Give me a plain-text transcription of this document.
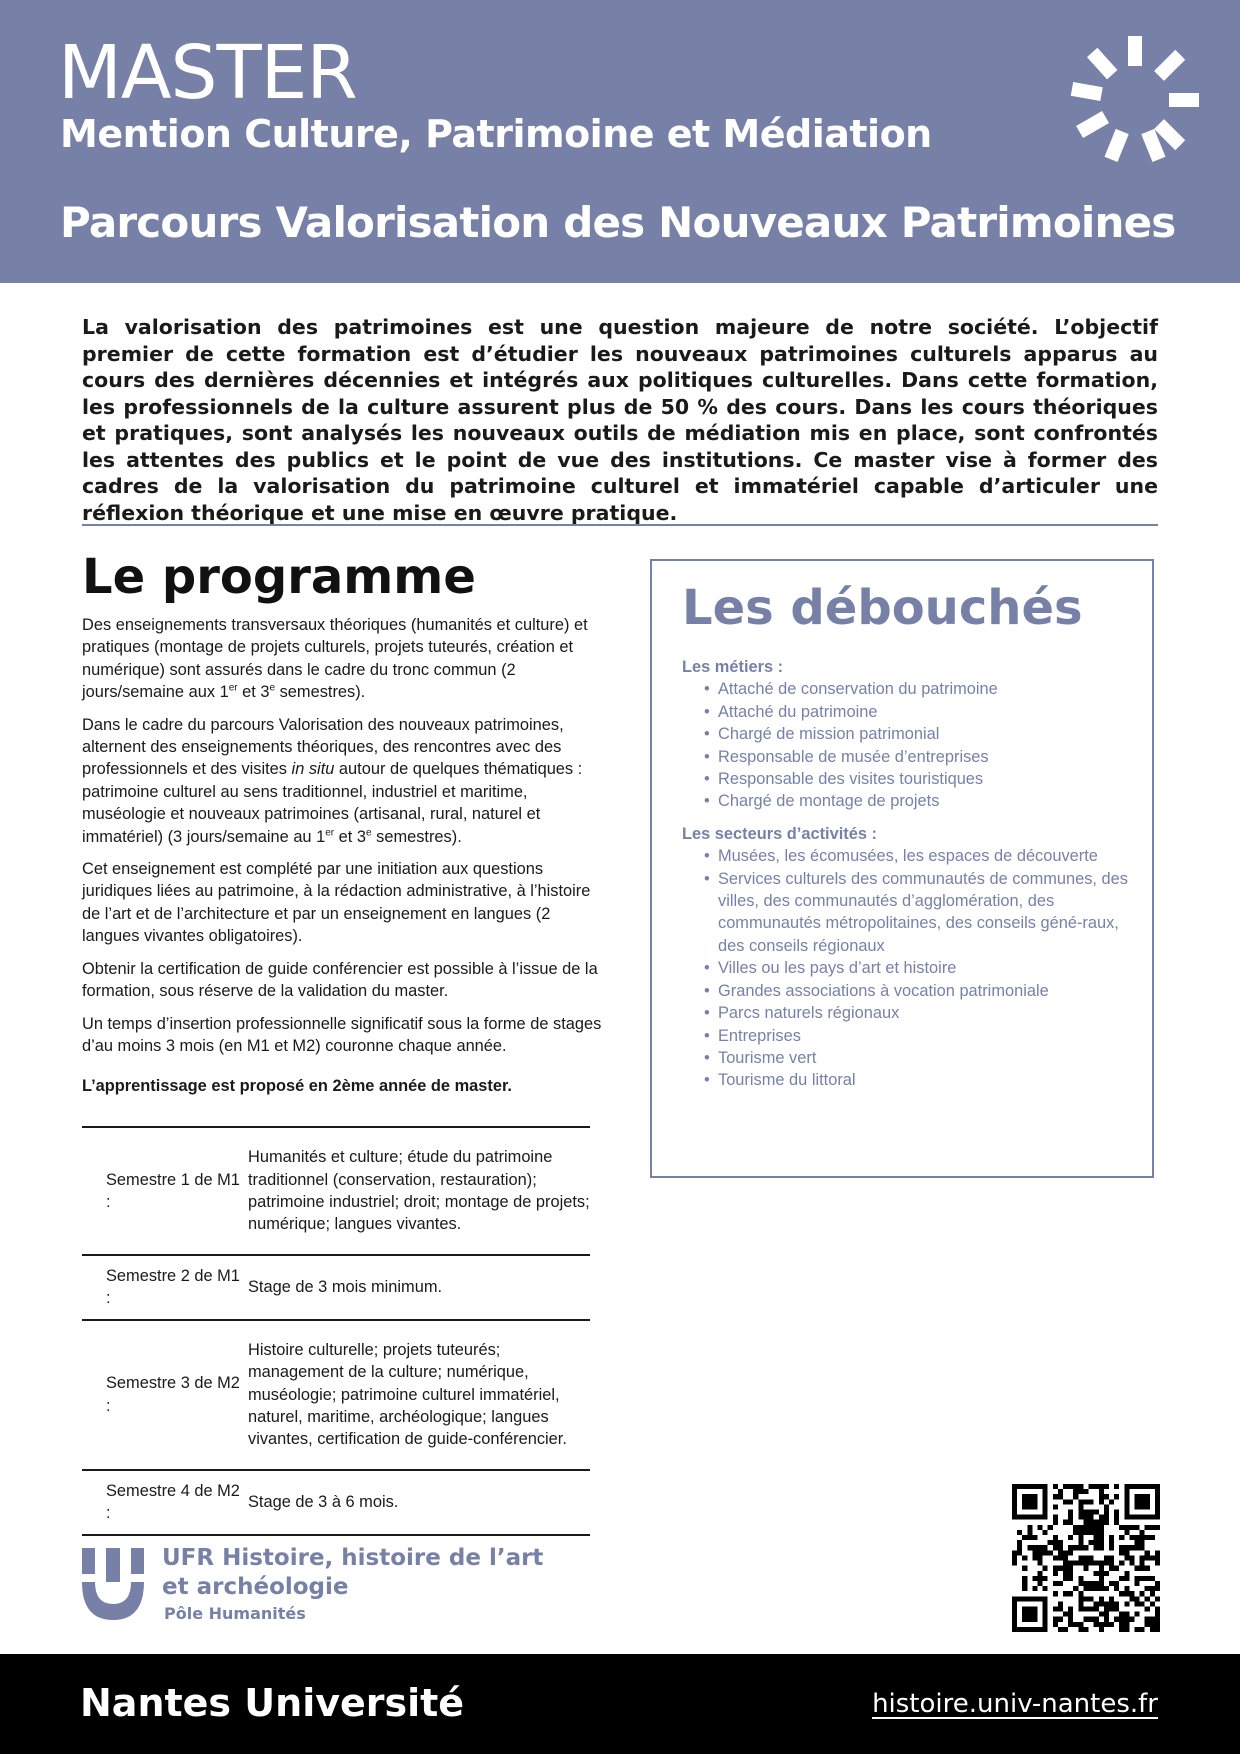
MASTER
Mention Culture, Patrimoine et Médiation
Parcours Valorisation des Nouveaux Patrimoines
La valorisation des patrimoines est une question majeure de notre société. L’objectif premier de cette formation est d’étudier les nouveaux patrimoines culturels apparus au cours des dernières décennies et intégrés aux politiques culturelles. Dans cette formation, les professionnels de la culture assurent plus de 50 % des cours. Dans les cours théoriques et pratiques, sont analysés les nouveaux outils de médiation mis en place, sont confrontés les attentes des publics et le point de vue des institutions. Ce master vise à former des cadres de la valorisation du patrimoine culturel et immatériel capable d’articuler une réflexion théorique et une mise en œuvre pratique.
Le programme

Des enseignements transversaux théoriques (humanités et culture) et pratiques (montage de projets culturels, projets tuteurés, création et numérique) sont assurés dans le cadre du tronc commun (2 jours/semaine aux 1er et 3e semestres).

Dans le cadre du parcours Valorisation des nouveaux patrimoines, alternent des enseignements théoriques, des rencontres avec des professionnels et des visites in situ autour de quelques thématiques : patrimoine culturel au sens traditionnel, industriel et maritime, muséologie et nouveaux patrimoines (artisanal, rural, naturel et immatériel) (3 jours/semaine au 1er et 3e semestres).

Cet enseignement est complété par une initiation aux questions juridiques liées au patrimoine, à la rédaction administrative, à l’histoire de l’art et de l’architecture et par un enseignement en langues (2 langues vivantes obligatoires).

Obtenir la certification de guide conférencier est possible à l’issue de la formation, sous réserve de la validation du master.

Un temps d’insertion professionnelle significatif sous la forme de stages d’au moins 3 mois (en M1 et M2) couronne chaque année.

L’apprentissage est proposé en 2ème année de master.

Semestre 1 de M1 :	Humanités et culture; étude du patrimoine traditionnel (conservation, restauration); patrimoine industriel; droit; montage de projets; numérique; langues vivantes.
Semestre 2 de M1 :	Stage de 3 mois minimum.
Semestre 3 de M2 :	Histoire culturelle; projets tuteurés; management de la culture; numérique, muséologie; patrimoine culturel immatériel, naturel, maritime, archéologique; langues vivantes, certification de guide-conférencier.
Semestre 4 de M2 :	Stage de 3 à 6 mois.
Les débouchés

Les métiers :

• Attaché de conservation du patrimoine
• Attaché du patrimoine
• Chargé de mission patrimonial
• Responsable de musée d’entreprises
• Responsable des visites touristiques
• Chargé de montage de projets

Les secteurs d’activités :

• Musées, les écomusées, les espaces de découverte
• Services culturels des communautés de communes, des villes, des communautés d’agglomération, des communautés métropolitaines, des conseils géné-raux, des conseils régionaux
• Villes ou les pays d’art et histoire
• Grandes associations à vocation patrimoniale
• Parcs naturels régionaux
• Entreprises
• Tourisme vert
• Tourisme du littoral
UFR Histoire, histoire de l’art
et archéologie
Pôle Humanités
Nantes Université	histoire.univ-nantes.fr
